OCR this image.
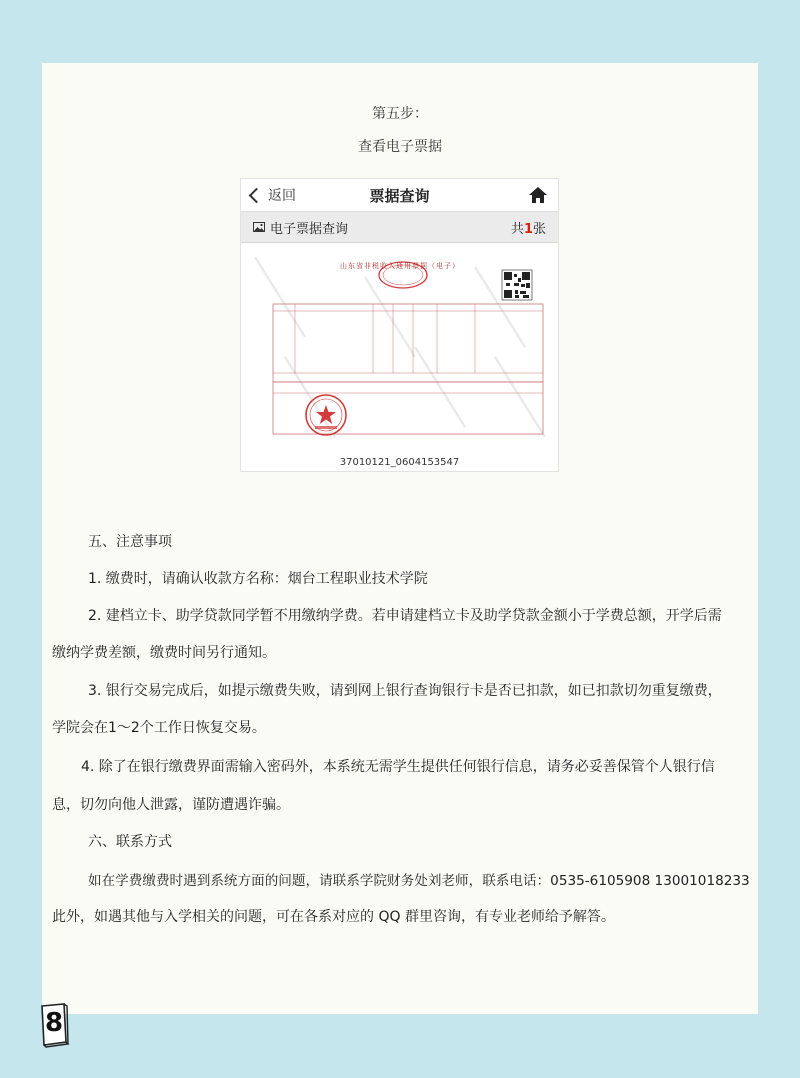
第五步：
查看电子票据
返回	票据查询
电子票据查询	共1张
山东省非税收入通用票据（电子）
37010121_0604153547
五、注意事项
1. 缴费时，请确认收款方名称：烟台工程职业技术学院
2. 建档立卡、助学贷款同学暂不用缴纳学费。若申请建档立卡及助学贷款金额小于学费总额，开学后需
缴纳学费差额，缴费时间另行通知。
3. 银行交易完成后，如提示缴费失败，请到网上银行查询银行卡是否已扣款，如已扣款切勿重复缴费，
学院会在1～2个工作日恢复交易。
4. 除了在银行缴费界面需输入密码外，本系统无需学生提供任何银行信息，请务必妥善保管个人银行信
息，切勿向他人泄露，谨防遭遇诈骗。
六、联系方式
如在学费缴费时遇到系统方面的问题，请联系学院财务处刘老师，联系电话：0535-6105908 13001018233
此外，如遇其他与入学相关的问题，可在各系对应的 QQ 群里咨询，有专业老师给予解答。
8
